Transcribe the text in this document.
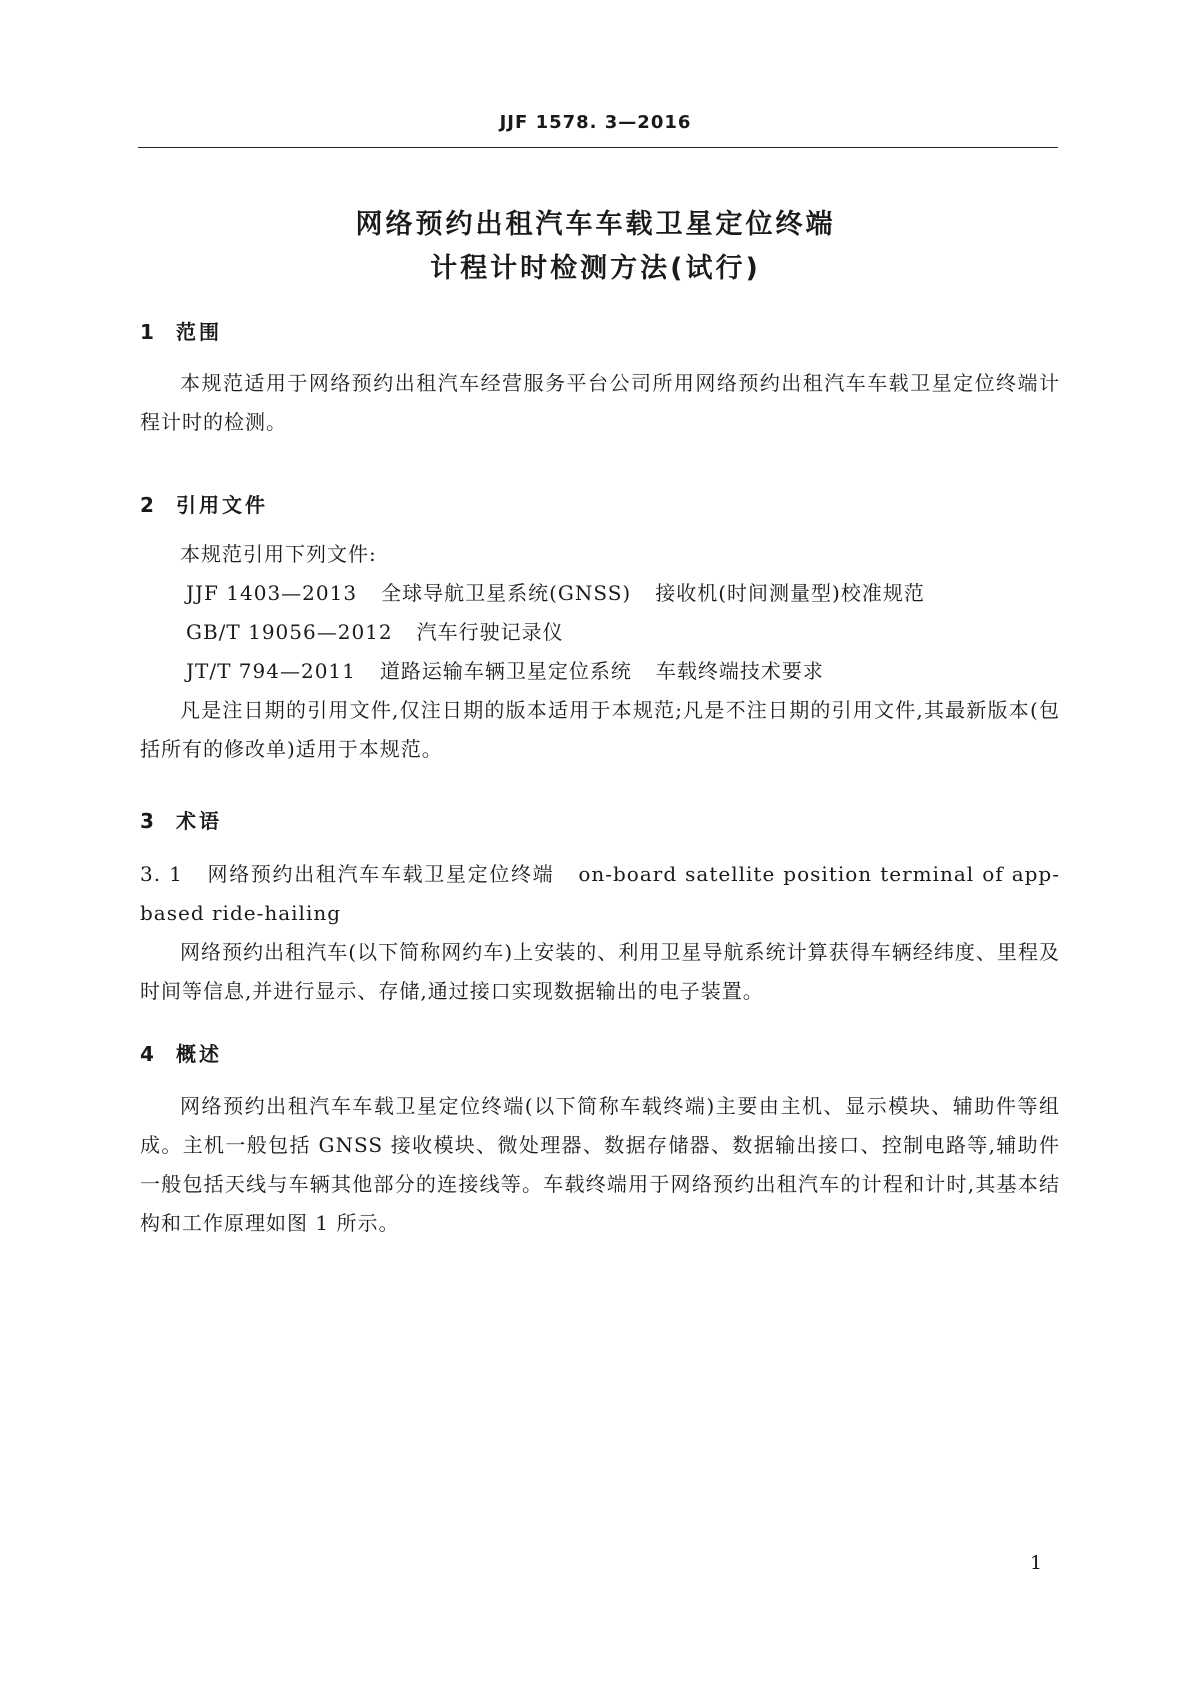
JJF 1578. 3—2016
网络预约出租汽车车载卫星定位终端
计程计时检测方法(试行)
1 范围

本规范适用于网络预约出租汽车经营服务平台公司所用网络预约出租汽车车载卫星定位终端计程计时的检测。

2 引用文件

本规范引用下列文件:

JJF 1403—2013 全球导航卫星系统(GNSS) 接收机(时间测量型)校准规范
GB/T 19056—2012 汽车行驶记录仪
JT/T 794—2011 道路运输车辆卫星定位系统 车载终端技术要求

凡是注日期的引用文件,仅注日期的版本适用于本规范;凡是不注日期的引用文件,其最新版本(包括所有的修改单)适用于本规范。

3 术语

3. 1 网络预约出租汽车车载卫星定位终端 on-board satellite position terminal of app-based ride-hailing

网络预约出租汽车(以下简称网约车)上安装的、利用卫星导航系统计算获得车辆经纬度、里程及时间等信息,并进行显示、存储,通过接口实现数据输出的电子装置。

4 概述

网络预约出租汽车车载卫星定位终端(以下简称车载终端)主要由主机、显示模块、辅助件等组成。主机一般包括 GNSS 接收模块、微处理器、数据存储器、数据输出接口、控制电路等,辅助件一般包括天线与车辆其他部分的连接线等。车载终端用于网络预约出租汽车的计程和计时,其基本结构和工作原理如图 1 所示。

1
